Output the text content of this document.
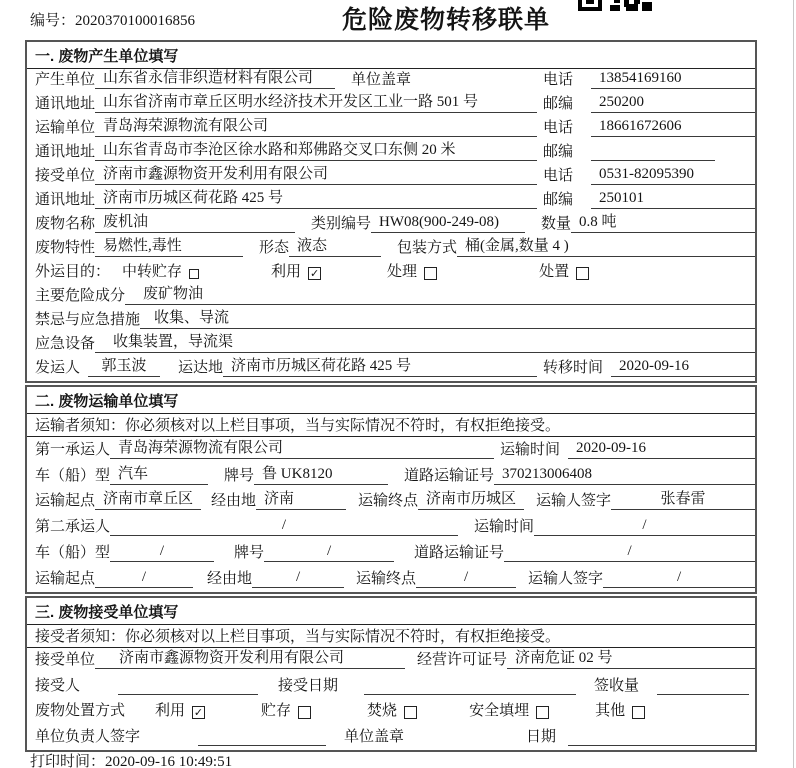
编号：2020370100016856	危险废物转移联单
一. 废物产生单位填写
产生单位 山东省永信非织造材料有限公司	单位盖章	电话	13854169160
通讯地址 山东省济南市章丘区明水经济技术开发区工业一路 501 号	邮编	250200
运输单位 青岛海荣源物流有限公司	电话	18661672606
通讯地址 山东省青岛市李沧区徐水路和郑佛路交叉口东侧 20 米	邮编
接受单位 济南市鑫源物资开发利用有限公司	电话	0531-82095390
通讯地址 济南市历城区荷花路 425 号	邮编	250101
废物名称 废机油	类别编号 HW08(900-249-08)	数量 0.8 吨
废物特性 易燃性,毒性	形态 液态	包装方式 桶(金属,数量 4 )
外运目的： 中转贮存	利用 ✓	处理	处置
主要危险成分	废矿物油
禁忌与应急措施 收集、导流
应急设备	收集装置，导流渠
发运人	郭玉波	运达地 济南市历城区荷花路 425 号	转移时间	2020-09-16
二. 废物运输单位填写
运输者须知：你必须核对以上栏目事项，当与实际情况不符时，有权拒绝接受。
第一承运人 青岛海荣源物流有限公司	运输时间	2020-09-16
车（船）型 汽车	牌号 鲁 UK8120	道路运输证号 370213006408
运输起点 济南市章丘区	经由地 济南	运输终点 济南市历城区	运输人签字	张春雷
第二承运人	/	运输时间	/
车（船）型	/	牌号	/	道路运输证号	/
运输起点	/	经由地	/	运输终点	/	运输人签字	/
三. 废物接受单位填写
接受者须知：你必须核对以上栏目事项，当与实际情况不符时，有权拒绝接受。
接受单位	济南市鑫源物资开发利用有限公司	经营许可证号 济南危证 02 号
接受人	接受日期	签收量
废物处置方式 利用 ✓	贮存	焚烧	安全填埋	其他
单位负责人签字	单位盖章	日期
打印时间：2020-09-16 10:49:51
